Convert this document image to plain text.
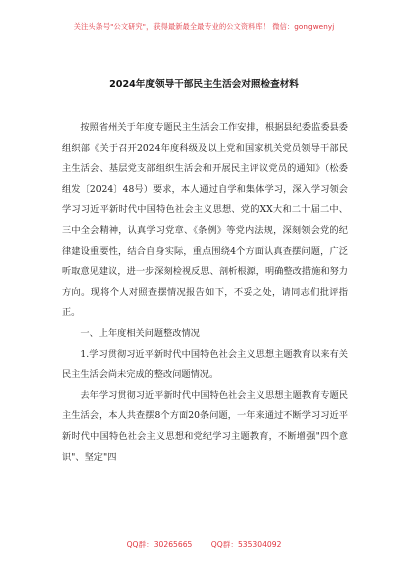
关注头条号"公文研究"，获得最新最全最专业的公文资料库！ 微信：gongwenyj
2024年度领导干部民主生活会对照检查材料

按照省州关于年度专题民主生活会工作安排，根据县纪委监委县委组织部《关于召开2024年度科级及以上党和国家机关党员领导干部民主生活会、基层党支部组织生活会和开展民主评议党员的通知》（松委组发〔2024〕48号）要求，本人通过自学和集体学习，深入学习领会学习习近平新时代中国特色社会主义思想、党的XX大和二十届二中、三中全会精神，认真学习党章、《条例》等党内法规，深刻领会党的纪律建设重要性，结合自身实际，重点围绕4个方面认真查摆问题，广泛听取意见建议，进一步深刻检视反思、剖析根源，明确整改措施和努力方向。现将个人对照查摆情况报告如下，不妥之处，请同志们批评指正。

一、上年度相关问题整改情况

1.学习贯彻习近平新时代中国特色社会主义思想主题教育以来有关民主生活会尚未完成的整改问题情况。

去年学习贯彻习近平新时代中国特色社会主义思想主题教育专题民主生活会，本人共查摆8个方面20条问题，一年来通过不断学习习近平新时代中国特色社会主义思想和党纪学习主题教育，不断增强"四个意识"、坚定"四

QQ群：30265665 QQ群：535304092
